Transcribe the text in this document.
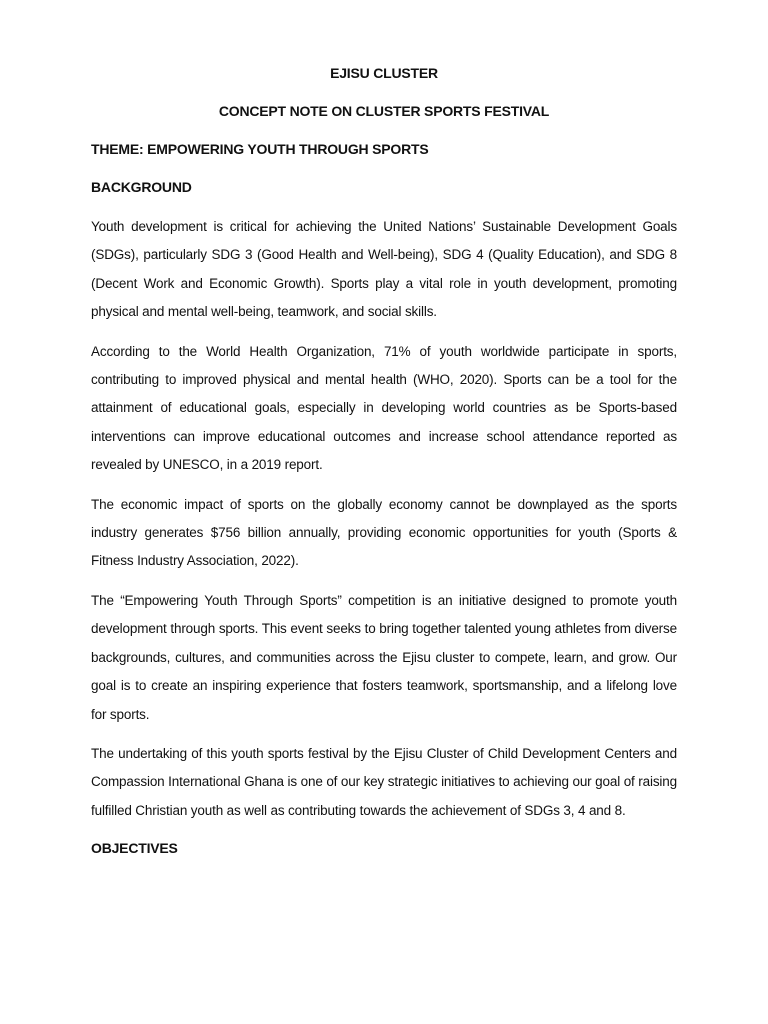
EJISU CLUSTER

CONCEPT NOTE ON CLUSTER SPORTS FESTIVAL

THEME: EMPOWERING YOUTH THROUGH SPORTS

BACKGROUND

Youth development is critical for achieving the United Nations’ Sustainable Development Goals (SDGs), particularly SDG 3 (Good Health and Well-being), SDG 4 (Quality Education), and SDG 8 (Decent Work and Economic Growth). Sports play a vital role in youth development, promoting physical and mental well-being, teamwork, and social skills.

According to the World Health Organization, 71% of youth worldwide participate in sports, contributing to improved physical and mental health (WHO, 2020). Sports can be a tool for the attainment of educational goals, especially in developing world countries as be Sports-based interventions can improve educational outcomes and increase school attendance reported as revealed by UNESCO, in a 2019 report.

The economic impact of sports on the globally economy cannot be downplayed as the sports industry generates $756 billion annually, providing economic opportunities for youth (Sports & Fitness Industry Association, 2022).

The “Empowering Youth Through Sports” competition is an initiative designed to promote youth development through sports. This event seeks to bring together talented young athletes from diverse backgrounds, cultures, and communities across the Ejisu cluster to compete, learn, and grow. Our goal is to create an inspiring experience that fosters teamwork, sportsmanship, and a lifelong love for sports.

The undertaking of this youth sports festival by the Ejisu Cluster of Child Development Centers and Compassion International Ghana is one of our key strategic initiatives to achieving our goal of raising fulfilled Christian youth as well as contributing towards the achievement of SDGs 3, 4 and 8.

OBJECTIVES
